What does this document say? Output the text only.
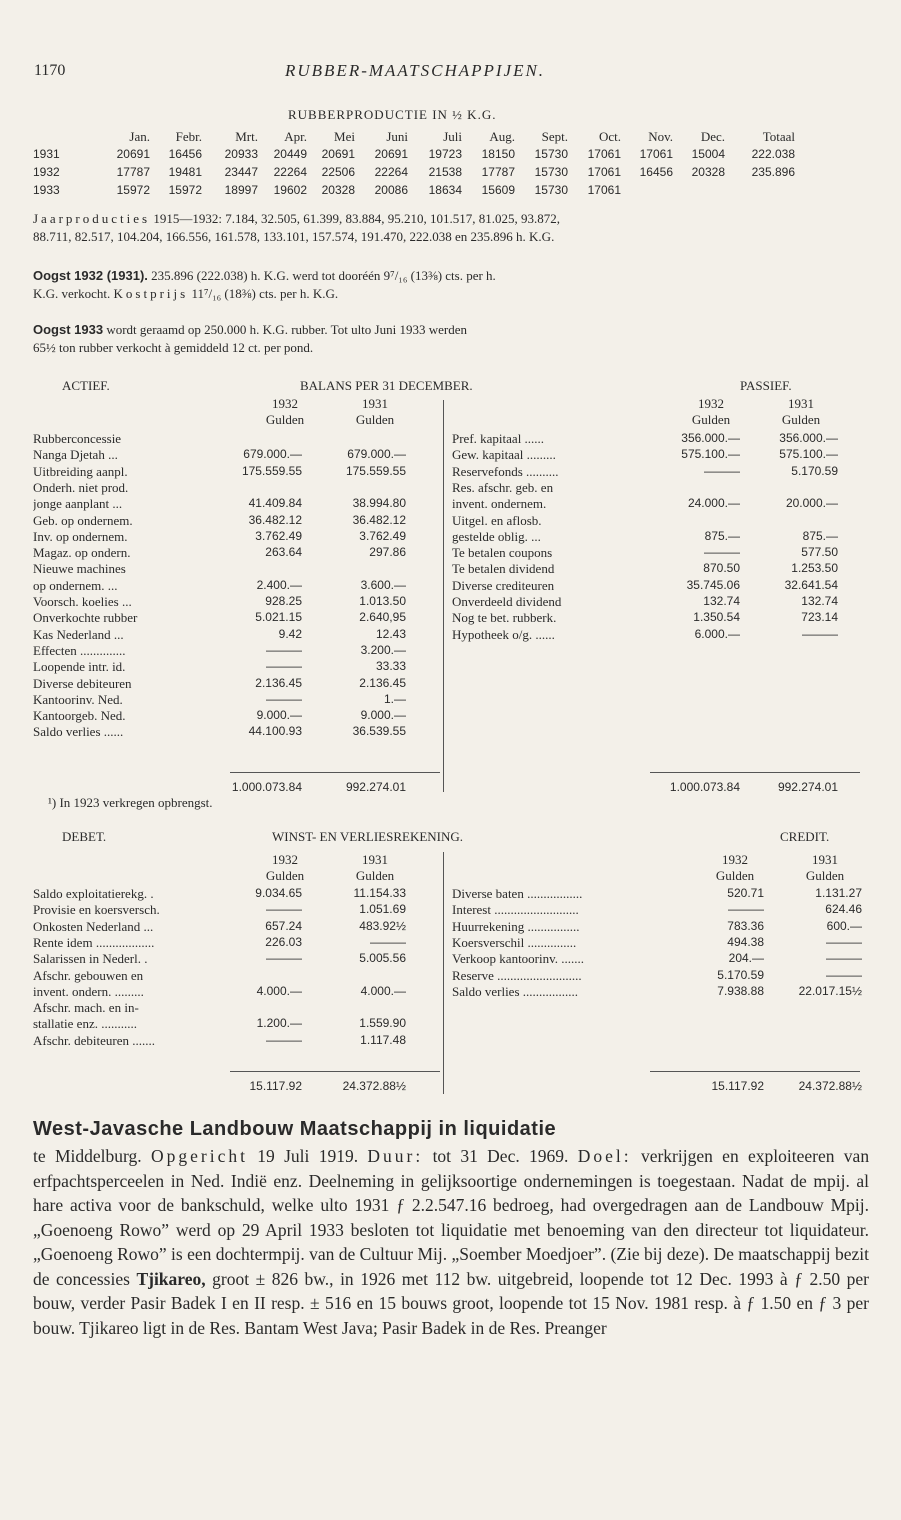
1170	RUBBER-MAATSCHAPPIJEN.
RUBBERPRODUCTIE IN ½ K.G.
Jan.	Febr.	Mrt.	Apr.	Mei	Juni	Juli	Aug.	Sept.	Oct.	Nov.	Dec.	Totaal
1931	20691	16456	20933	20449	20691	20691	19723	18150	15730	17061	17061	15004	222.038
1932	17787	19481	23447	22264	22506	22264	21538	17787	15730	17061	16456	20328	235.896
1933	15972	15972	18997	19602	20328	20086	18634	15609	15730	17061
Jaarproducties 1915—1932: 7.184, 32.505, 61.399, 83.884, 95.210, 101.517, 81.025, 93.872,
88.711, 82.517, 104.204, 166.556, 161.578, 133.101, 157.574, 191.470, 222.038 en 235.896 h. K.G.
Oogst 1932 (1931). 235.896 (222.038) h. K.G. werd tot dooréén 9⁷/₁₆ (13⅜) cts. per h.
K.G. verkocht. Kostprijs 11⁷/₁₆ (18⅜) cts. per h. K.G.
Oogst 1933 wordt geraamd op 250.000 h. K.G. rubber. Tot ulto Juni 1933 werden
65½ ton rubber verkocht à gemiddeld 12 ct. per pond.
ACTIEF.	BALANS PER 31 DECEMBER.	PASSIEF.
1932	1931
Gulden	Gulden
1932	1931
Gulden	Gulden
Rubberconcessie
Nanga Djetah ...	679.000.—	679.000.—
Uitbreiding aanpl.	175.559.55	175.559.55
Onderh. niet prod.
jonge aanplant ...	41.409.84	38.994.80
Geb. op ondernem.	36.482.12	36.482.12
Inv. op ondernem.	3.762.49	3.762.49
Magaz. op ondern.	263.64	297.86
Nieuwe machines
op ondernem. ...	2.400.—	3.600.—
Voorsch. koelies ...	928.25	1.013.50
Onverkochte rubber	5.021.15	2.640,95
Kas Nederland ...	9.42	12.43
Effecten ..............	———	3.200.—
Loopende intr. id.	———	33.33
Diverse debiteuren	2.136.45	2.136.45
Kantoorinv. Ned.	———	1.—
Kantoorgeb. Ned.	9.000.—	9.000.—
Saldo verlies ......	44.100.93	36.539.55
Pref. kapitaal ......	356.000.—	356.000.—
Gew. kapitaal .........	575.100.—	575.100.—
Reservefonds ..........	———	5.170.59
Res. afschr. geb. en
invent. ondernem.	24.000.—	20.000.—
Uitgel. en aflosb.
gestelde oblig. ...	875.—	875.—
Te betalen coupons	———	577.50
Te betalen dividend	870.50	1.253.50
Diverse crediteuren	35.745.06	32.641.54
Onverdeeld dividend	132.74	132.74
Nog te bet. rubberk.	1.350.54	723.14
Hypotheek o/g. ......	6.000.—	———
1.000.073.84	992.274.01	1.000.073.84	992.274.01
¹) In 1923 verkregen opbrengst.
DEBET.	WINST- EN VERLIESREKENING.	CREDIT.
1932	1931
Gulden	Gulden
1932	1931
Gulden	Gulden
Saldo exploitatierekg. .	9.034.65	11.154.33
Provisie en koersversch.	———	1.051.69
Onkosten Nederland ...	657.24	483.92½
Rente idem ..................	226.03	———
Salarissen in Nederl. .	———	5.005.56
Afschr. gebouwen en
invent. ondern. .........	4.000.—	4.000.—
Afschr. mach. en in-
stallatie enz. ...........	1.200.—	1.559.90
Afschr. debiteuren .......	———	1.117.48
Diverse baten .................	520.71	1.131.27
Interest ..........................	———	624.46
Huurrekening ................	783.36	600.—
Koersverschil ...............	494.38	———
Verkoop kantoorinv. .......	204.—	———
Reserve ..........................	5.170.59	———
Saldo verlies .................	7.938.88	22.017.15½
15.117.92	24.372.88½	15.117.92	24.372.88½
West-Javasche Landbouw Maatschappij in liquidatie
te Middelburg. Opgericht 19 Juli 1919. Duur: tot 31 Dec. 1969. Doel: verkrijgen en exploiteeren van erfpachtsperceelen in Ned. Indië enz. Deelneming in gelijksoortige ondernemingen is toegestaan. Nadat de mpij. al hare activa voor de bankschuld, welke ulto 1931 ƒ 2.2.547.16 bedroeg, had overgedragen aan de Landbouw Mpij. „Goenoeng Rowo” werd op 29 April 1933 besloten tot liquidatie met benoeming van den directeur tot liquidateur. „Goenoeng Rowo” is een dochtermpij. van de Cultuur Mij. „Soember Moedjoer”. (Zie bij deze). De maatschappij bezit de concessies Tjikareo, groot ± 826 bw., in 1926 met 112 bw. uitgebreid, loopende tot 12 Dec. 1993 à ƒ 2.50 per bouw, verder Pasir Badek I en II resp. ± 516 en 15 bouws groot, loopende tot 15 Nov. 1981 resp. à ƒ 1.50 en ƒ 3 per bouw. Tjikareo ligt in de Res. Bantam West Java; Pasir Badek in de Res. Preanger
